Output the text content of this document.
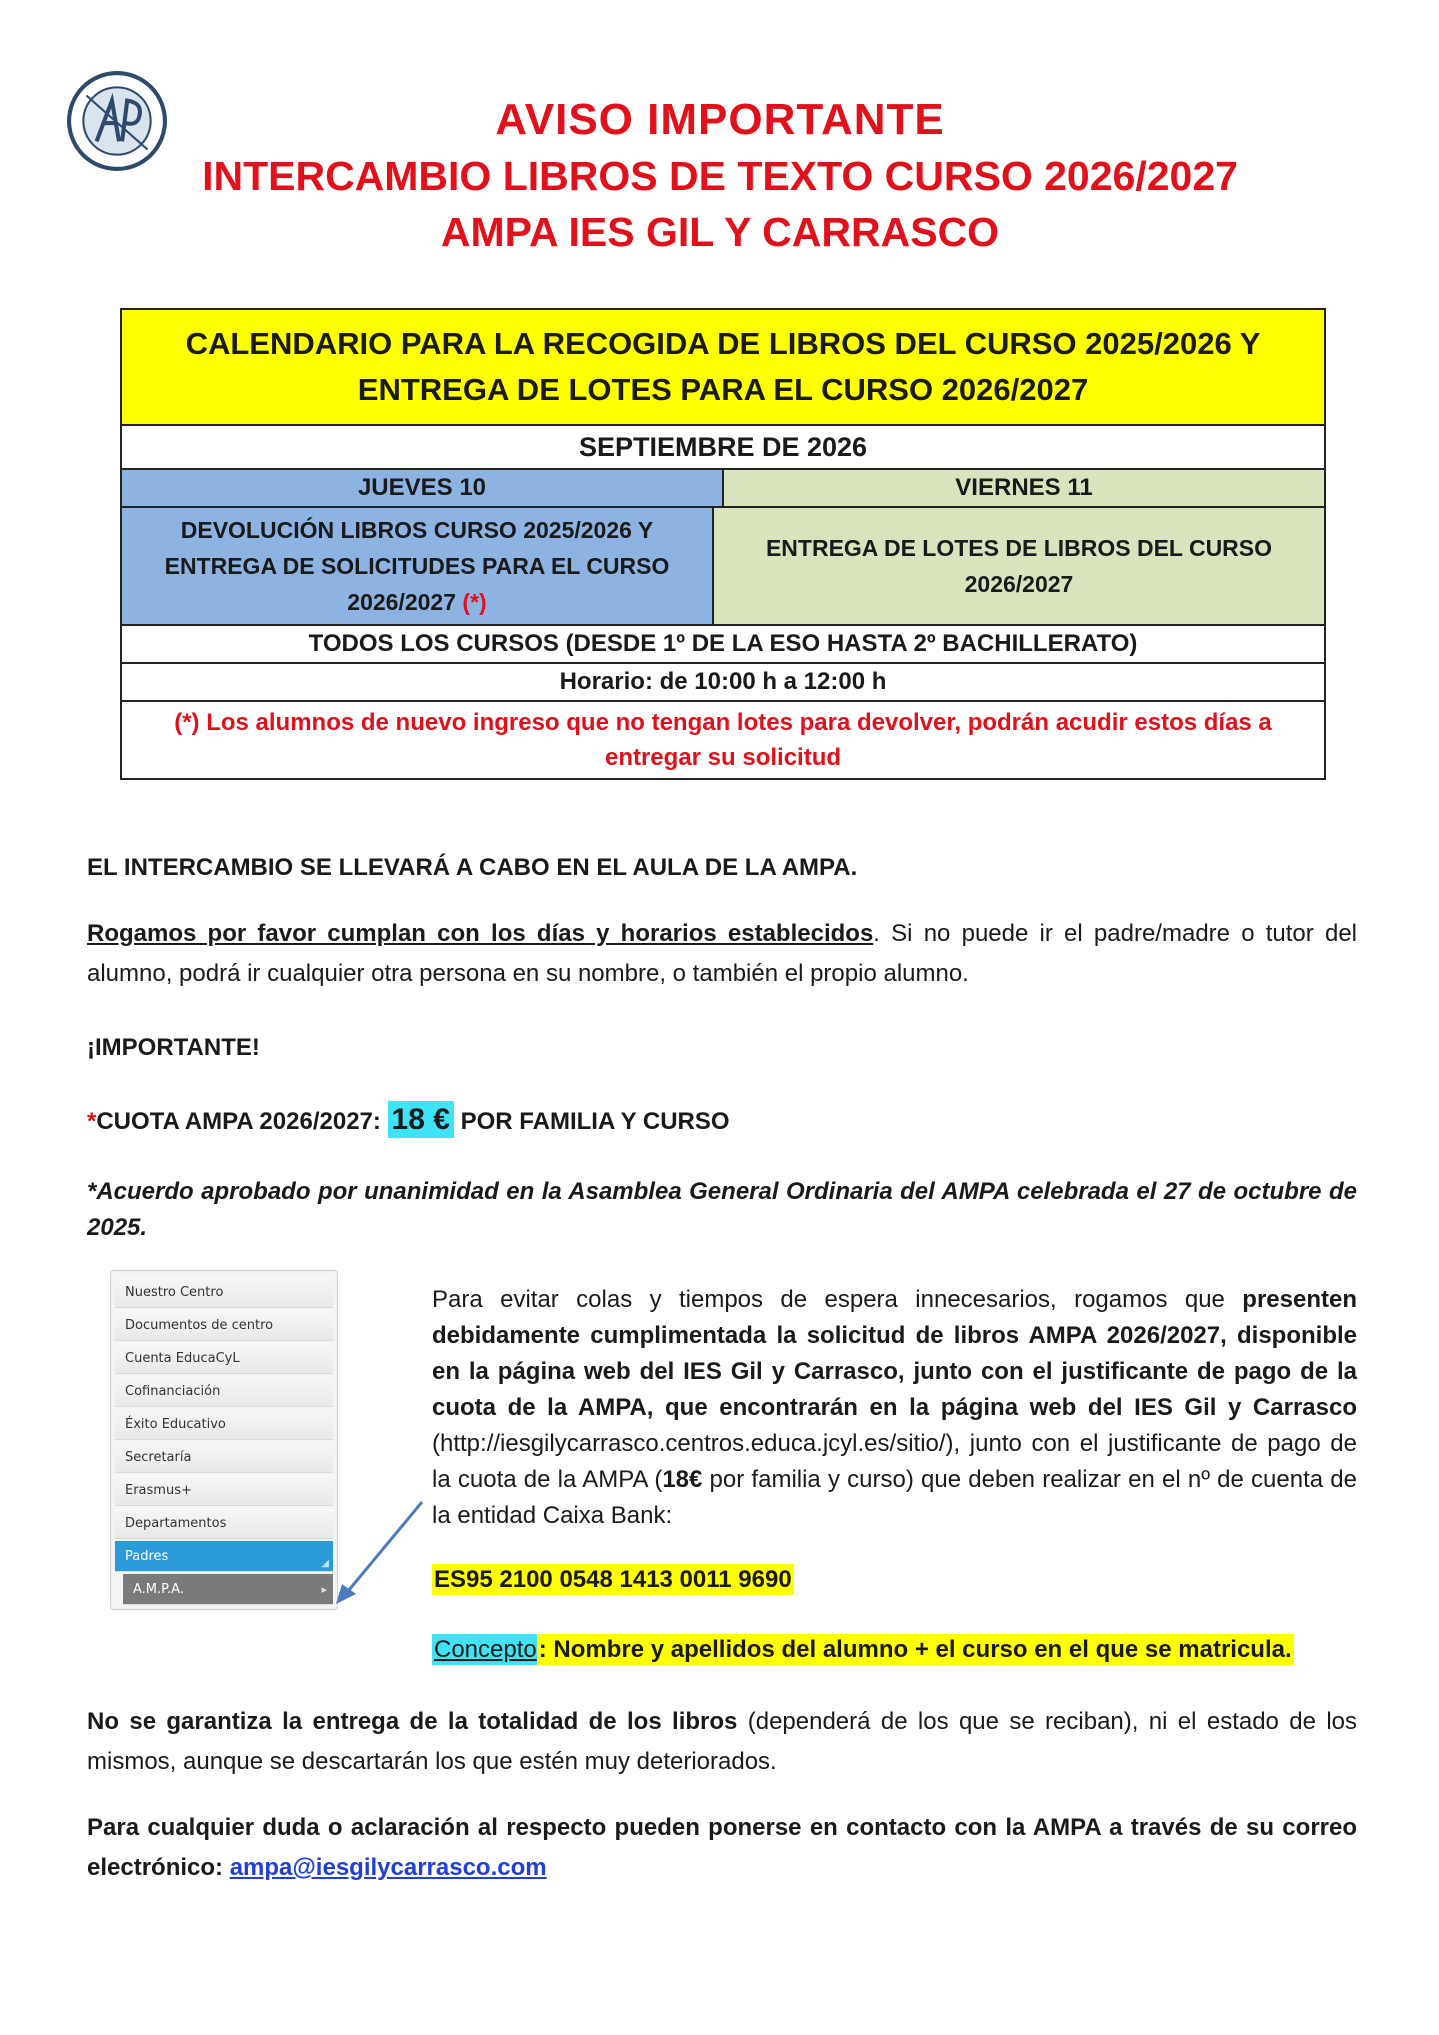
AVISO IMPORTANTE
INTERCAMBIO LIBROS DE TEXTO CURSO 2026/2027
AMPA IES GIL Y CARRASCO
CALENDARIO PARA LA RECOGIDA DE LIBROS DEL CURSO 2025/2026 Y ENTREGA DE LOTES PARA EL CURSO 2026/2027
SEPTIEMBRE DE 2026
JUEVES 10	VIERNES 11
DEVOLUCIÓN LIBROS CURSO 2025/2026 Y ENTREGA DE SOLICITUDES PARA EL CURSO 2026/2027 (*)
ENTREGA DE LOTES DE LIBROS DEL CURSO 2026/2027
TODOS LOS CURSOS (DESDE 1º DE LA ESO HASTA 2º BACHILLERATO)
Horario: de 10:00 h a 12:00 h
(*) Los alumnos de nuevo ingreso que no tengan lotes para devolver, podrán acudir estos días a entregar su solicitud
EL INTERCAMBIO SE LLEVARÁ A CABO EN EL AULA DE LA AMPA.
Rogamos por favor cumplan con los días y horarios establecidos. Si no puede ir el padre/madre o tutor del alumno, podrá ir cualquier otra persona en su nombre, o también el propio alumno.
¡IMPORTANTE!
*CUOTA AMPA 2026/2027: 18 € POR FAMILIA Y CURSO
*Acuerdo aprobado por unanimidad en la Asamblea General Ordinaria del AMPA celebrada el 27 de octubre de 2025.
Nuestro Centro
Documentos de centro
Cuenta EducaCyL
Cofinanciación
Éxito Educativo
Secretaría
Erasmus+
Departamentos
Padres ◢
A.M.P.A. ▸
Para evitar colas y tiempos de espera innecesarios, rogamos que presenten debidamente cumplimentada la solicitud de libros AMPA 2026/2027, disponible en la página web del IES Gil y Carrasco, junto con el justificante de pago de la cuota de la AMPA, que encontrarán en la página web del IES Gil y Carrasco (http://iesgilycarrasco.centros.educa.jcyl.es/sitio/), junto con el justificante de pago de la cuota de la AMPA (18€ por familia y curso) que deben realizar en el nº de cuenta de la entidad Caixa Bank:
ES95 2100 0548 1413 0011 9690
Concepto: Nombre y apellidos del alumno + el curso en el que se matricula.
No se garantiza la entrega de la totalidad de los libros (dependerá de los que se reciban), ni el estado de los mismos, aunque se descartarán los que estén muy deteriorados.
Para cualquier duda o aclaración al respecto pueden ponerse en contacto con la AMPA a través de su correo electrónico: ampa@iesgilycarrasco.com
